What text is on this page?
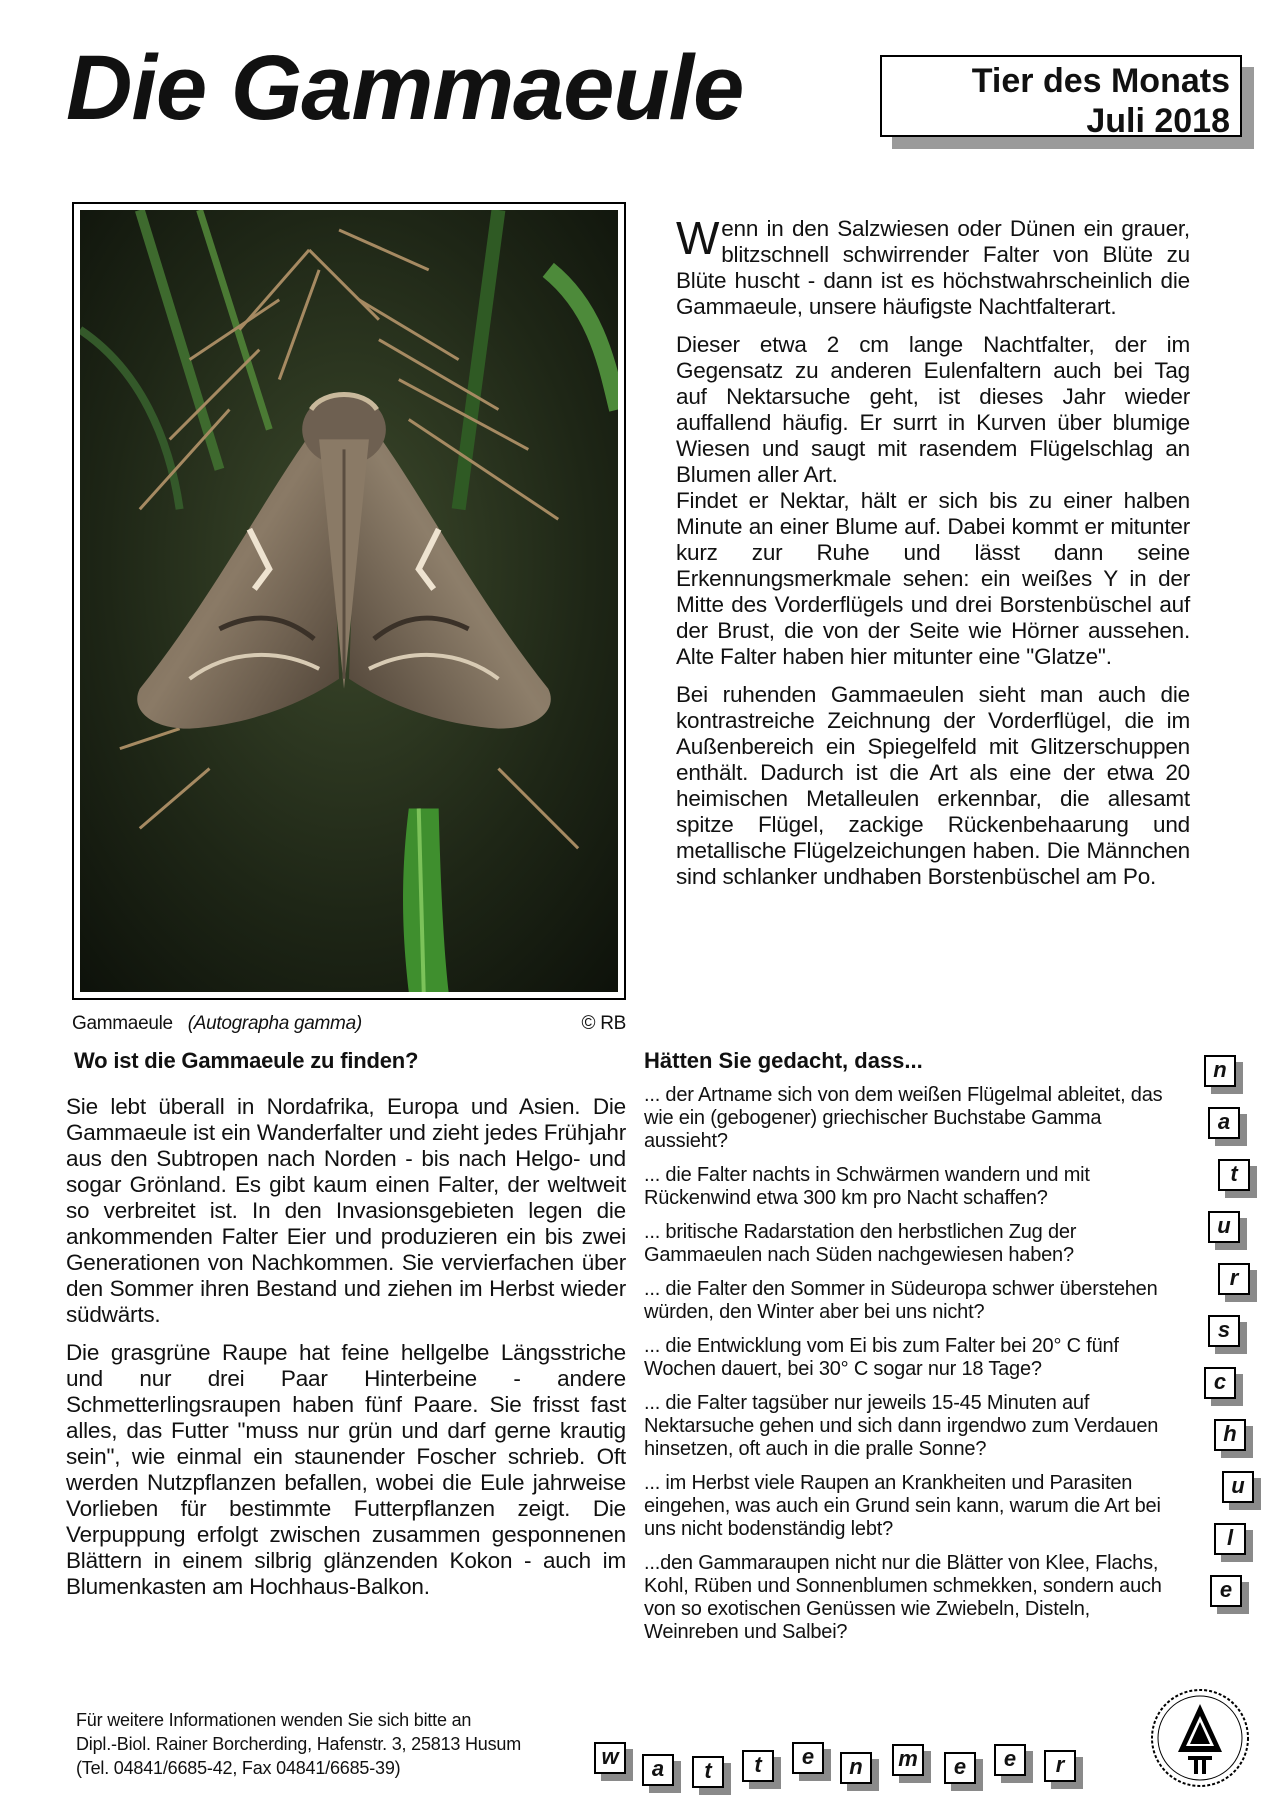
Die Gammaeule	Tier des Monats
Juli 2018
Gammaeule (Autographa gamma)	© RB

Wenn in den Salzwiesen oder Dünen ein grauer, blitzschnell schwirrender Falter von Blüte zu Blüte huscht - dann ist es höchstwahrscheinlich die Gammaeule, unsere häufigste Nachtfalterart.

Dieser etwa 2 cm lange Nachtfalter, der im Gegensatz zu anderen Eulenfaltern auch bei Tag auf Nektarsuche geht, ist dieses Jahr wieder auffallend häufig. Er surrt in Kurven über blumige Wiesen und saugt mit rasendem Flügelschlag an Blumen aller Art.

Findet er Nektar, hält er sich bis zu einer halben Minute an einer Blume auf. Dabei kommt er mitunter kurz zur Ruhe und lässt dann seine Erkennungsmerkmale sehen: ein weißes Y in der Mitte des Vorderflügels und drei Borstenbüschel auf der Brust, die von der Seite wie Hörner aussehen. Alte Falter haben hier mitunter eine "Glatze".

Bei ruhenden Gammaeulen sieht man auch die kontrastreiche Zeichnung der Vorderflügel, die im Außenbereich ein Spiegelfeld mit Glitzerschuppen enthält. Dadurch ist die Art als eine der etwa 20 heimischen Metalleulen erkennbar, die allesamt spitze Flügel, zackige Rückenbehaarung und metallische Flügelzeichungen haben. Die Männchen sind schlanker undhaben Borstenbüschel am Po.

Wo ist die Gammaeule zu finden?

Sie lebt überall in Nordafrika, Europa und Asien. Die Gammaeule ist ein Wanderfalter und zieht jedes Frühjahr aus den Subtropen nach Norden - bis nach Helgo- und sogar Grönland. Es gibt kaum einen Falter, der weltweit so verbreitet ist. In den Invasionsgebieten legen die ankommenden Falter Eier und produzieren ein bis zwei Generationen von Nachkommen. Sie vervierfachen über den Sommer ihren Bestand und ziehen im Herbst wieder südwärts.

Die grasgrüne Raupe hat feine hellgelbe Längsstriche und nur drei Paar Hinterbeine - andere Schmetterlingsraupen haben fünf Paare. Sie frisst fast alles, das Futter "muss nur grün und darf gerne krautig sein", wie einmal ein staunender Foscher schrieb. Oft werden Nutzpflanzen befallen, wobei die Eule jahrweise Vorlieben für bestimmte Futterpflanzen zeigt. Die Verpuppung erfolgt zwischen zusammen gesponnenen Blättern in einem silbrig glänzenden Kokon - auch im Blumenkasten am Hochhaus-Balkon.

Hätten Sie gedacht, dass...

... der Artname sich von dem weißen Flügelmal ableitet, das wie ein (gebogener) griechischer Buchstabe Gamma aussieht?

... die Falter nachts in Schwärmen wandern und mit Rückenwind etwa 300 km pro Nacht schaffen?

... britische Radarstation den herbstlichen Zug der Gammaeulen nach Süden nachgewiesen haben?

... die Falter den Sommer in Südeuropa schwer überstehen würden, den Winter aber bei uns nicht?

... die Entwicklung vom Ei bis zum Falter bei 20° C fünf Wochen dauert, bei 30° C sogar nur 18 Tage?

... die Falter tagsüber nur jeweils 15-45 Minuten auf Nektarsuche gehen und sich dann irgendwo zum Verdauen hinsetzen, oft auch in die pralle Sonne?

... im Herbst viele Raupen an Krankheiten und Parasiten eingehen, was auch ein Grund sein kann, warum die Art bei uns nicht bodenständig lebt?

...den Gammaraupen nicht nur die Blätter von Klee, Flachs, Kohl, Rüben und Sonnenblumen schmekken, sondern auch von so exotischen Genüssen wie Zwiebeln, Disteln, Weinreben und Salbei?

n
a
t
u
r
s
c
h
u
l
e
w	a	t	t	e	n	m	e	e	r
Für weitere Informationen wenden Sie sich bitte an
Dipl.-Biol. Rainer Borcherding, Hafenstr. 3, 25813 Husum
(Tel. 04841/6685-42, Fax 04841/6685-39)
